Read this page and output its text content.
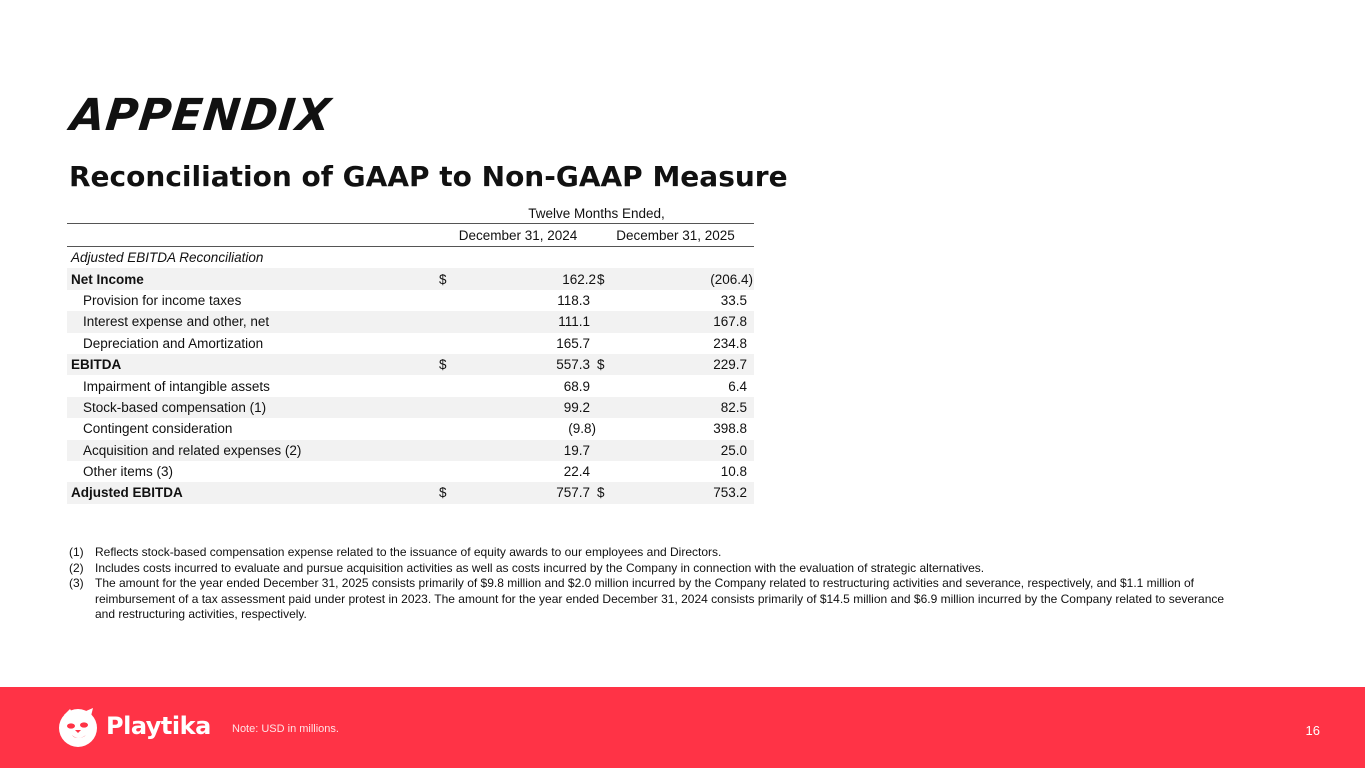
APPENDIX
Reconciliation of GAAP to Non-GAAP Measure
	Twelve Months Ended,			
	December 31, 2024		December 31, 2025	
Adjusted EBITDA Reconciliation				
Net Income	$	162.2	$	(206.4)
Provision for income taxes		118.3		33.5
Interest expense and other, net		111.1		167.8
Depreciation and Amortization		165.7		234.8
EBITDA	$	557.3	$	229.7
Impairment of intangible assets		68.9		6.4
Stock-based compensation (1)		99.2		82.5
Contingent consideration		(9.8)		398.8
Acquisition and related expenses (2)		19.7		25.0
Other items (3)		22.4		10.8
Adjusted EBITDA	$	757.7	$	753.2
(1) Reflects stock-based compensation expense related to the issuance of equity awards to our employees and Directors.
(2) Includes costs incurred to evaluate and pursue acquisition activities as well as costs incurred by the Company in connection with the evaluation of strategic alternatives.
(3) The amount for the year ended December 31, 2025 consists primarily of $9.8 million and $2.0 million incurred by the Company related to restructuring activities and severance, respectively, and $1.1 million of reimbursement of a tax assessment paid under protest in 2023. The amount for the year ended December 31, 2024 consists primarily of $14.5 million and $6.9 million incurred by the Company related to severance and restructuring activities, respectively.
Playtika Note: USD in millions.	16
